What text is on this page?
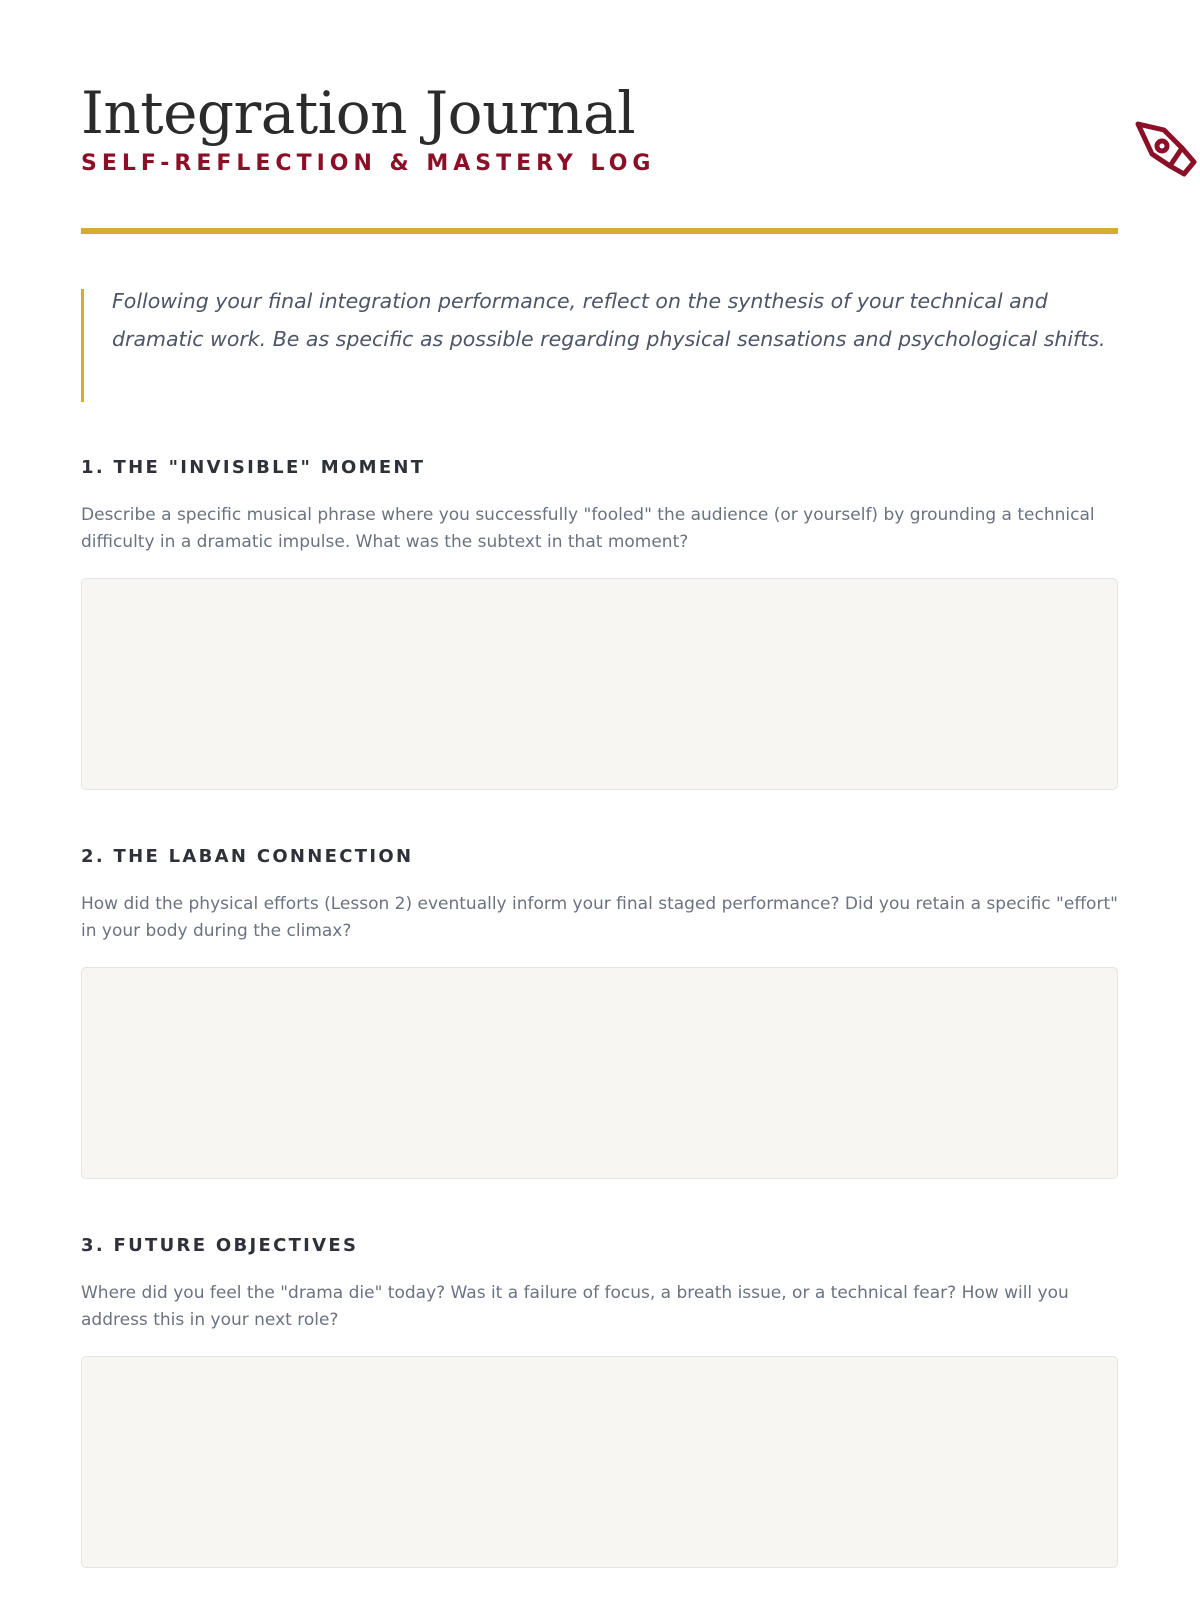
Integration Journal
SELF-REFLECTION & MASTERY LOG

Following your final integration performance, reflect on the synthesis of your technical and dramatic work. Be as specific as possible regarding physical sensations and psychological shifts.

1. THE "INVISIBLE" MOMENT

Describe a specific musical phrase where you successfully "fooled" the audience (or yourself) by grounding a technical difficulty in a dramatic impulse. What was the subtext in that moment?

2. THE LABAN CONNECTION

How did the physical efforts (Lesson 2) eventually inform your final staged performance? Did you retain a specific "effort" in your body during the climax?

3. FUTURE OBJECTIVES

Where did you feel the "drama die" today? Was it a failure of focus, a breath issue, or a technical fear? How will you address this in your next role?
